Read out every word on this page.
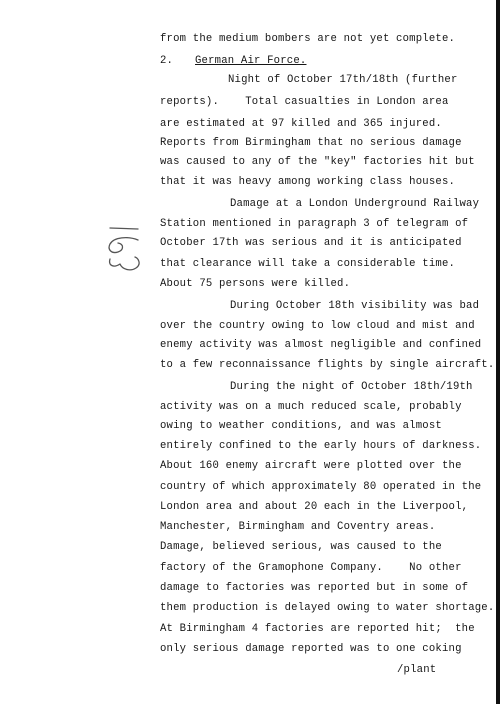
from the medium bombers are not yet complete.
2. German Air Force.
Night of October 17th/18th (further
reports).    Total casualties in London area
are estimated at 97 killed and 365 injured.
Reports from Birmingham that no serious damage
was caused to any of the "key" factories hit but
that it was heavy among working class houses.
Damage at a London Underground Railway
Station mentioned in paragraph 3 of telegram of
October 17th was serious and it is anticipated
that clearance will take a considerable time.
About 75 persons were killed.
During October 18th visibility was bad
over the country owing to low cloud and mist and
enemy activity was almost negligible and confined
to a few reconnaissance flights by single aircraft.
During the night of October 18th/19th
activity was on a much reduced scale, probably
owing to weather conditions, and was almost
entirely confined to the early hours of darkness.
About 160 enemy aircraft were plotted over the
country of which approximately 80 operated in the
London area and about 20 each in the Liverpool,
Manchester, Birmingham and Coventry areas.
Damage, believed serious, was caused to the
factory of the Gramophone Company.    No other
damage to factories was reported but in some of
them production is delayed owing to water shortage.
At Birmingham 4 factories are reported hit;  the
only serious damage reported was to one coking
/plant
